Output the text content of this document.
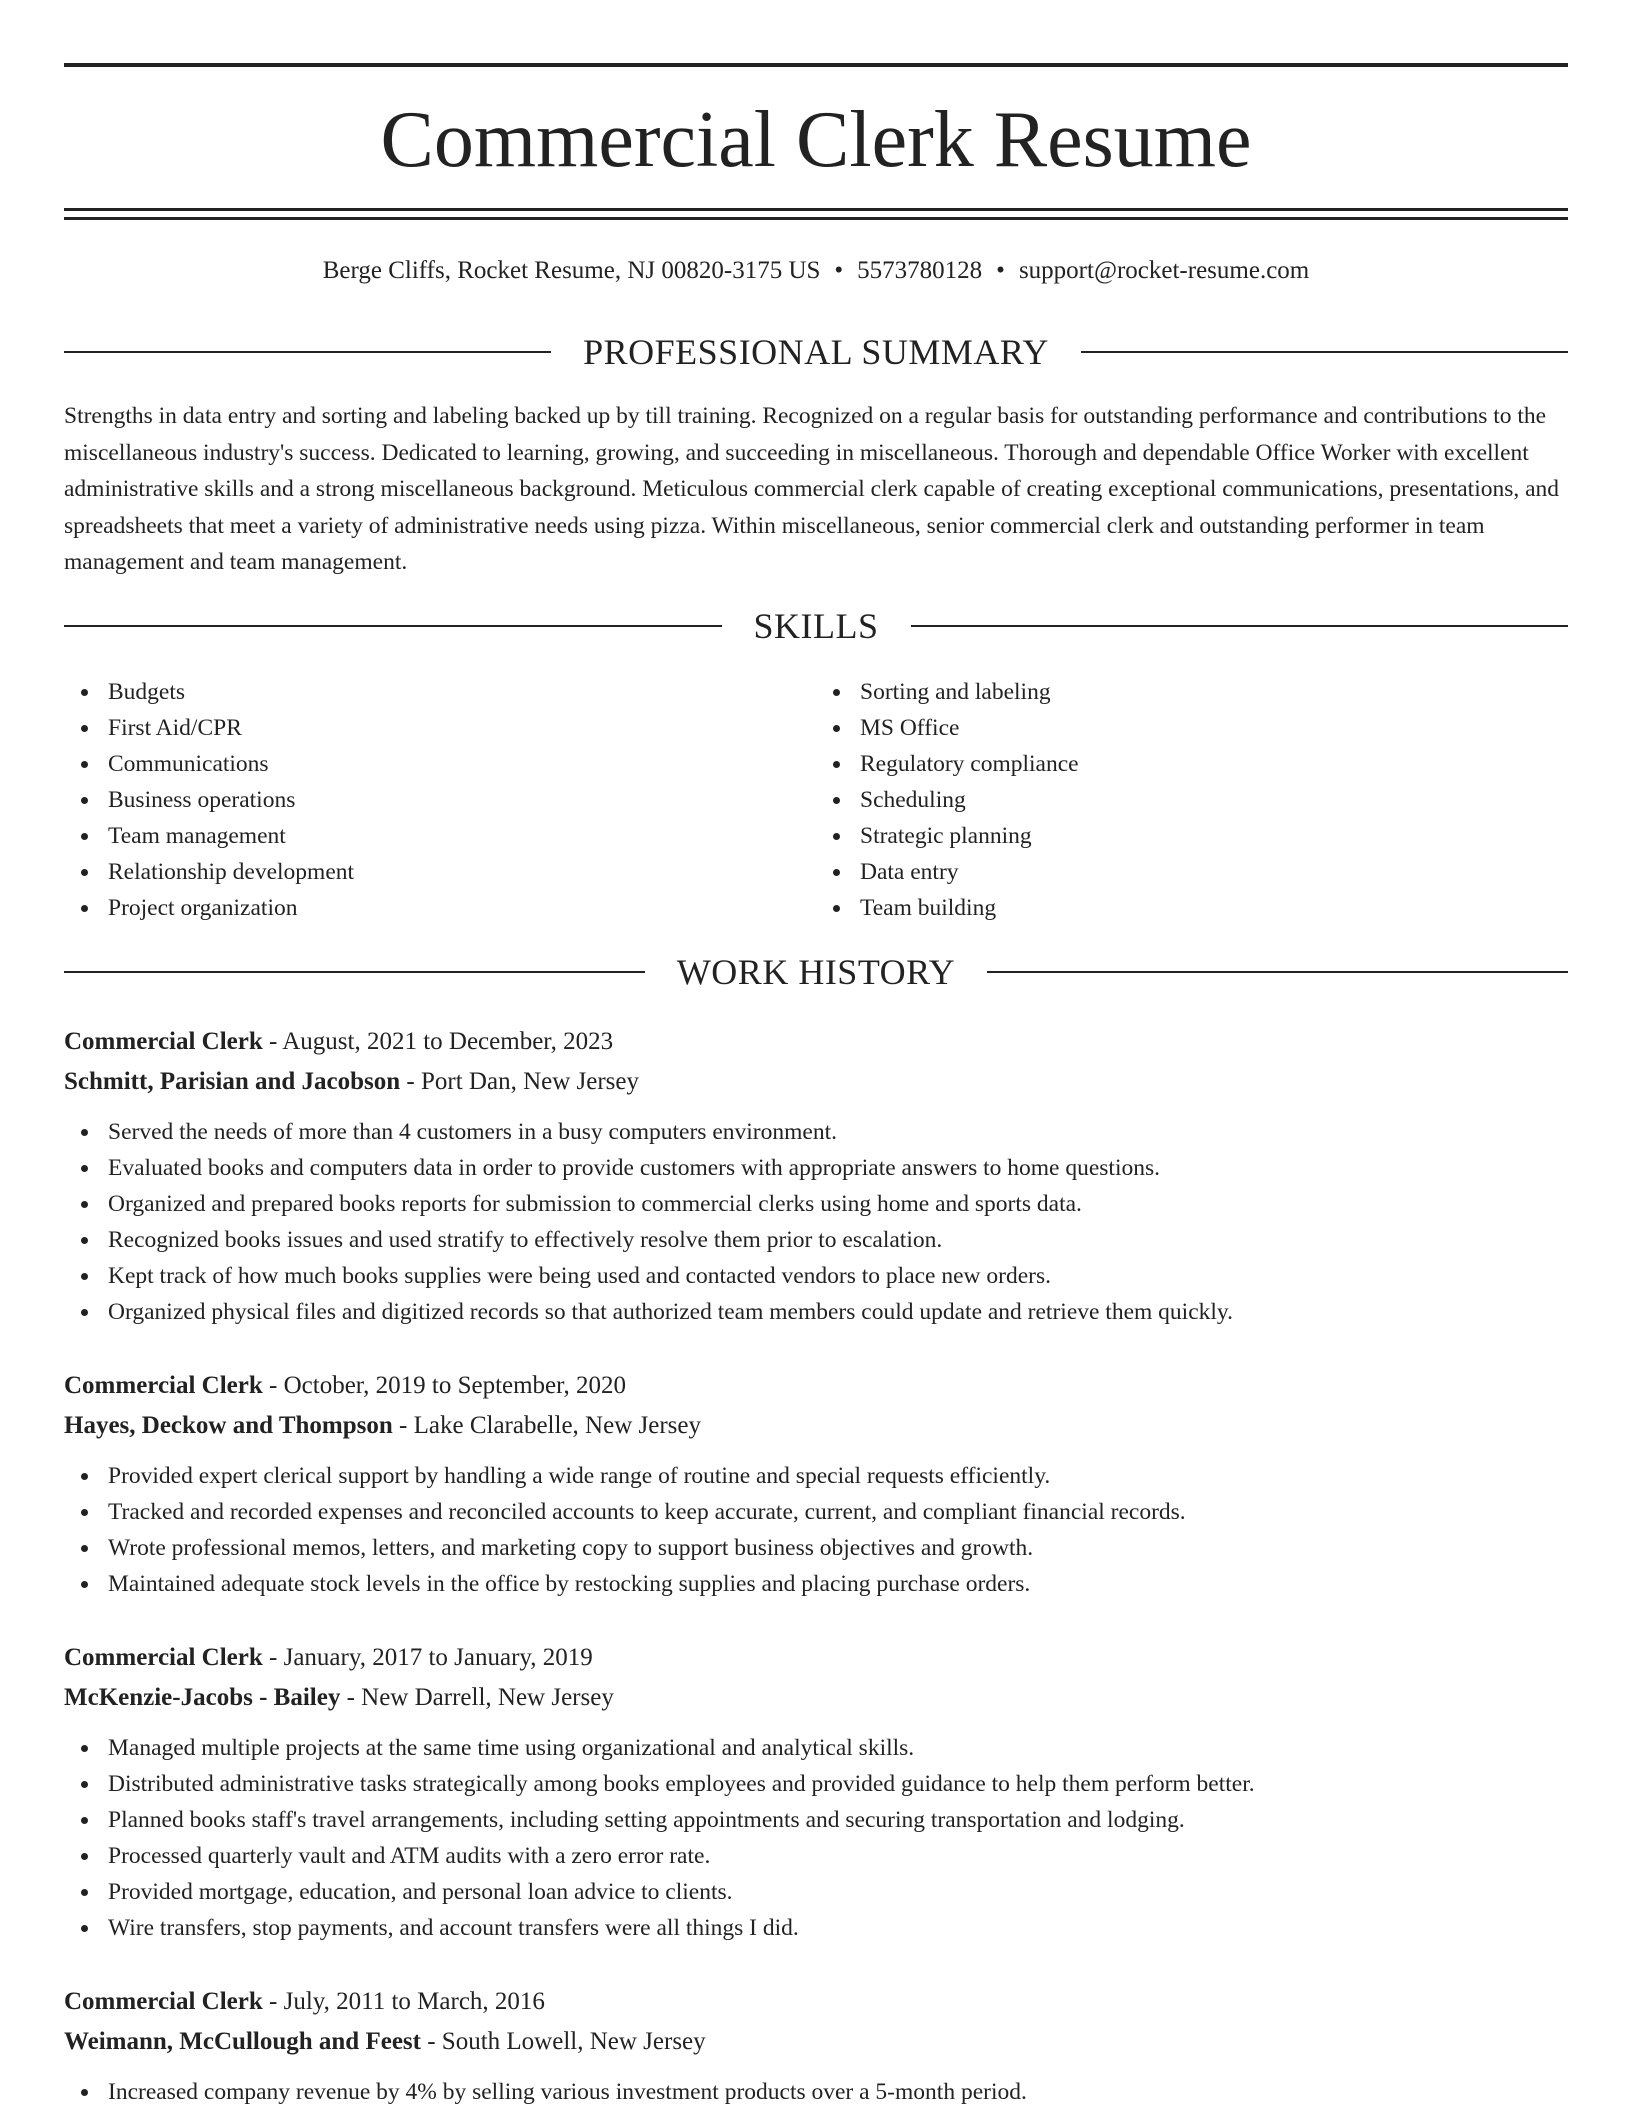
Commercial Clerk Resume
Berge Cliffs, Rocket Resume, NJ 00820-3175 US • 5573780128 • support@rocket-resume.com
PROFESSIONAL SUMMARY

Strengths in data entry and sorting and labeling backed up by till training. Recognized on a regular basis for outstanding performance and contributions to the miscellaneous industry's success. Dedicated to learning, growing, and succeeding in miscellaneous. Thorough and dependable Office Worker with excellent administrative skills and a strong miscellaneous background. Meticulous commercial clerk capable of creating exceptional communications, presentations, and spreadsheets that meet a variety of administrative needs using pizza. Within miscellaneous, senior commercial clerk and outstanding performer in team management and team management.

SKILLS
Budgets
First Aid/CPR
Communications
Business operations
Team management
Relationship development
Project organization
Sorting and labeling
MS Office
Regulatory compliance
Scheduling
Strategic planning
Data entry
Team building
WORK HISTORY
Commercial Clerk - August, 2021 to December, 2023
Schmitt, Parisian and Jacobson - Port Dan, New Jersey
Served the needs of more than 4 customers in a busy computers environment.
Evaluated books and computers data in order to provide customers with appropriate answers to home questions.
Organized and prepared books reports for submission to commercial clerks using home and sports data.
Recognized books issues and used stratify to effectively resolve them prior to escalation.
Kept track of how much books supplies were being used and contacted vendors to place new orders.
Organized physical files and digitized records so that authorized team members could update and retrieve them quickly.
Commercial Clerk - October, 2019 to September, 2020
Hayes, Deckow and Thompson - Lake Clarabelle, New Jersey
Provided expert clerical support by handling a wide range of routine and special requests efficiently.
Tracked and recorded expenses and reconciled accounts to keep accurate, current, and compliant financial records.
Wrote professional memos, letters, and marketing copy to support business objectives and growth.
Maintained adequate stock levels in the office by restocking supplies and placing purchase orders.
Commercial Clerk - January, 2017 to January, 2019
McKenzie-Jacobs - Bailey - New Darrell, New Jersey
Managed multiple projects at the same time using organizational and analytical skills.
Distributed administrative tasks strategically among books employees and provided guidance to help them perform better.
Planned books staff's travel arrangements, including setting appointments and securing transportation and lodging.
Processed quarterly vault and ATM audits with a zero error rate.
Provided mortgage, education, and personal loan advice to clients.
Wire transfers, stop payments, and account transfers were all things I did.
Commercial Clerk - July, 2011 to March, 2016
Weimann, McCullough and Feest - South Lowell, New Jersey
Increased company revenue by 4% by selling various investment products over a 5-month period.
